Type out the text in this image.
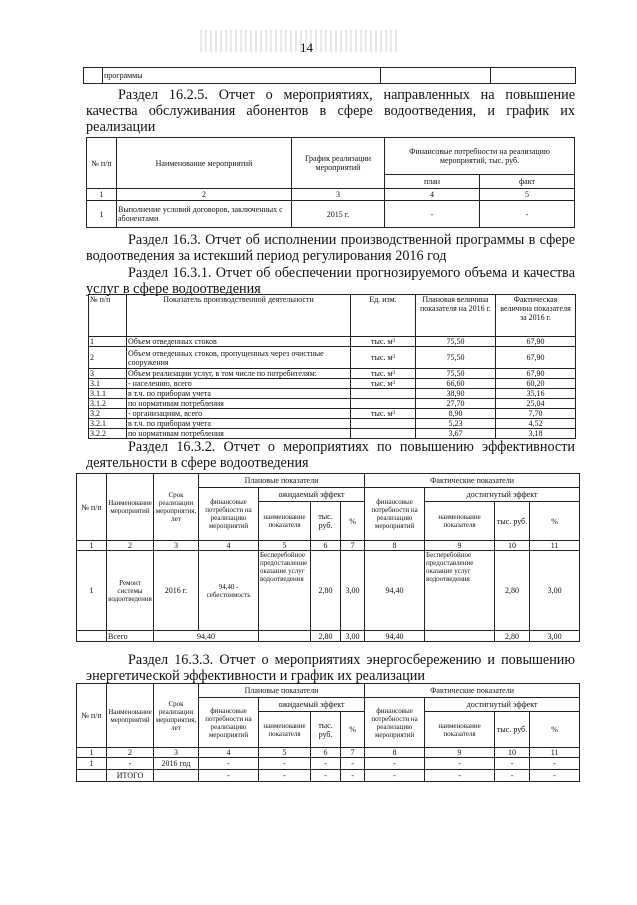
14
	программы		
Раздел 16.2.5. Отчет о мероприятиях, направленных на повышение качества обслуживания абонентов в сфере водоотведения, и график их реализации
№ п/п	Наименование мероприятий	График реализации мероприятий	Финансовые потребности на реализацию мероприятий, тыс. руб.	
			план	факт
1	2	3	4	5
1	Выполнение условий договоров, заключенных с абонентами	2015 г.	-	-
Раздел 16.3. Отчет об исполнении производственной программы в сфере водоотведения за истекший период регулирования 2016 год
Раздел 16.3.1. Отчет об обеспечении прогнозируемого объема и качества услуг в сфере водоотведения
№ п/п	Показатель производственной деятельности	Ед. изм.	Плановая величина показателя на 2016 г.	Фактическая величина показателя за 2016 г.
1	Объем отведенных стоков	тыс. м³	75,50	67,90
2	Объем отведенных стоков, пропущенных через очистные сооружения	тыс. м³	75,50	67,90
3	Объем реализации услуг, в том числе по потребителям:	тыс. м³	75,50	67,90
3.1	- населению, всего	тыс. м³	66,60	60,20
3.1.1	в т.ч. по приборам учета		38,90	35,16
3.1.2	по нормативам потребления		27,70	25,04
3.2	- организациям, всего	тыс. м³	8,90	7,70
3.2.1	в т.ч. по приборам учета		5,23	4,52
3.2.2	по нормативам потребления		3,67	3,18
Раздел 16.3.2. Отчет о мероприятиях по повышению эффективности деятельности в сфере водоотведения
№ п/п	Наименование мероприятий	Срок реализации мероприятия, лет	Плановые показатели				Фактические показатели			
			финансовые потребности на реализацию мероприятий	ожидаемый эффект			финансовые потребности на реализацию мероприятий	достигнутый эффект		
				наименование показателя	тыс. руб.	%		наименование показателя	тыс. руб.	%
1	2	3	4	5	6	7	8	9	10	11
1	Ремонт системы водоотведения	2016 г.	94,40 - себестоимость	Бесперебойное предоставление оказание услуг водоотведения	2,80	3,00	94,40	Бесперебойное предоставление оказание услуг водоотведения	2,80	3,00
	Всего	94,40			2,80	3,00	94,40		2,80	3,00
Раздел 16.3.3. Отчет о мероприятиях энергосбережению и повышению энергетической эффективности и график их реализации
№ п/п	Наименование мероприятий	Срок реализации мероприятия, лет	Плановые показатели				Фактические показатели			
			финансовые потребности на реализацию мероприятий	ожидаемый эффект			финансовые потребности на реализацию мероприятий	достигнутый эффект		
				наименование показателя	тыс. руб.	%		наименование показателя	тыс. руб.	%
1	2	3	4	5	6	7	8	9	10	11
1	-	2016 год	-	-	-	-	-	-	-	-
	ИТОГО		-	-	-	-	-	-	-	-
